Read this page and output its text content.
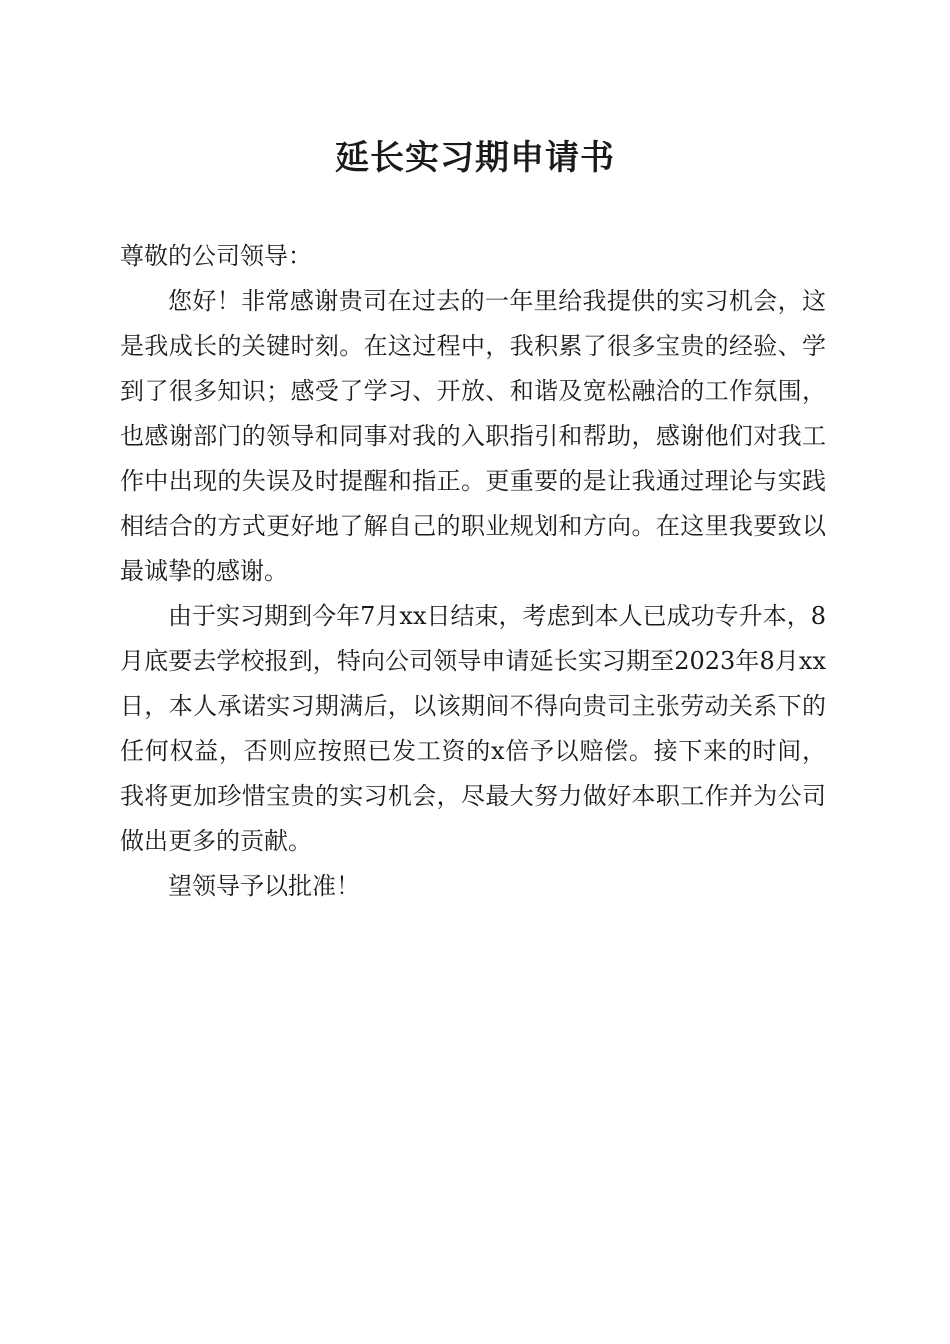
延长实习期申请书

尊敬的公司领导：

您好！非常感谢贵司在过去的一年里给我提供的实习机会，这是我成长的关键时刻。在这过程中，我积累了很多宝贵的经验、学到了很多知识；感受了学习、开放、和谐及宽松融洽的工作氛围，也感谢部门的领导和同事对我的入职指引和帮助，感谢他们对我工作中出现的失误及时提醒和指正。更重要的是让我通过理论与实践相结合的方式更好地了解自己的职业规划和方向。在这里我要致以最诚挚的感谢。

由于实习期到今年7月xx日结束，考虑到本人已成功专升本，8月底要去学校报到，特向公司领导申请延长实习期至2023年8月xx日，本人承诺实习期满后，以该期间不得向贵司主张劳动关系下的任何权益，否则应按照已发工资的x倍予以赔偿。接下来的时间，我将更加珍惜宝贵的实习机会，尽最大努力做好本职工作并为公司做出更多的贡献。

望领导予以批准！
